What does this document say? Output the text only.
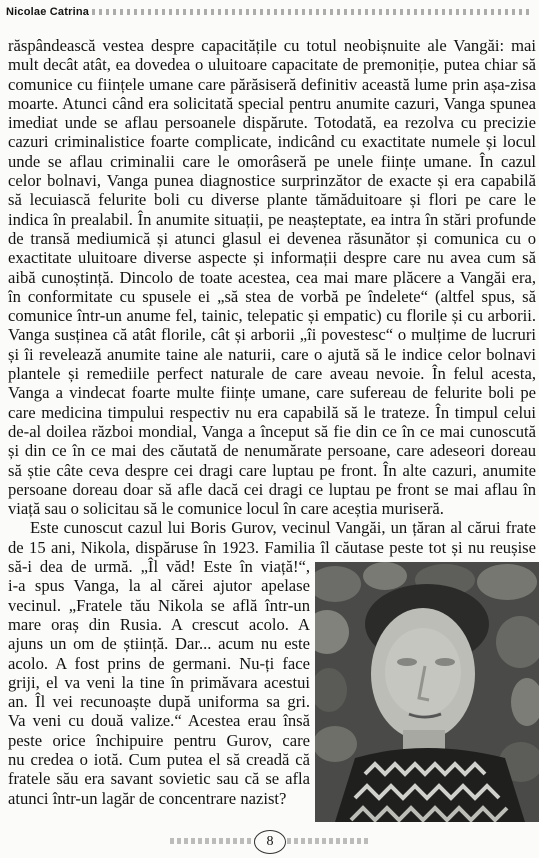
Nicolae Catrina
răspândească vestea despre capacitățile cu totul neobișnuite ale Vangăi: mai
mult decât atât, ea dovedea o uluitoare capacitate de premoniție, putea chiar să
comunice cu ființele umane care părăsiseră definitiv această lume prin așa-zisa
moarte. Atunci când era solicitată special pentru anumite cazuri, Vanga spunea
imediat unde se aflau persoanele dispărute. Totodată, ea rezolva cu precizie
cazuri criminalistice foarte complicate, indicând cu exactitate numele și locul
unde se aflau criminalii care le omorâseră pe unele ființe umane. În cazul
celor bolnavi, Vanga punea diagnostice surprinzător de exacte și era capabilă
să lecuiască felurite boli cu diverse plante tămăduitoare și flori pe care le
indica în prealabil. În anumite situații, pe neașteptate, ea intra în stări profunde
de transă mediumică și atunci glasul ei devenea răsunător și comunica cu o
exactitate uluitoare diverse aspecte și informații despre care nu avea cum să
aibă cunoștință. Dincolo de toate acestea, cea mai mare plăcere a Vangăi era,
în conformitate cu spusele ei „să stea de vorbă pe îndelete“ (altfel spus, să
comunice într-un anume fel, tainic, telepatic și empatic) cu florile și cu arborii.
Vanga susținea că atât florile, cât și arborii „îi povestesc“ o mulțime de lucruri
și îi revelează anumite taine ale naturii, care o ajută să le indice celor bolnavi
plantele și remediile perfect naturale de care aveau nevoie. În felul acesta,
Vanga a vindecat foarte multe ființe umane, care sufereau de felurite boli pe
care medicina timpului respectiv nu era capabilă să le trateze. În timpul celui
de-al doilea război mondial, Vanga a început să fie din ce în ce mai cunoscută
și din ce în ce mai des căutată de nenumărate persoane, care adeseori doreau
să știe câte ceva despre cei dragi care luptau pe front. În alte cazuri, anumite
persoane doreau doar să afle dacă cei dragi ce luptau pe front se mai aflau în
viață sau o solicitau să le comunice locul în care aceștia muriseră.
Este cunoscut cazul lui Boris Gurov, vecinul Vangăi, un țăran al cărui frate
de 15 ani, Nikola, dispăruse în 1923. Familia îl căutase peste tot și nu reușise
să-i dea de urmă. „Îl văd! Este în viață!“,
i-a spus Vanga, la al cărei ajutor apelase
vecinul. „Fratele tău Nikola se află într-un
mare oraș din Rusia. A crescut acolo. A
ajuns un om de știință. Dar... acum nu este
acolo. A fost prins de germani. Nu-ți face
griji, el va veni la tine în primăvara acestui
an. Îl vei recunoaște după uniforma sa gri.
Va veni cu două valize.“ Acestea erau însă
peste orice închipuire pentru Gurov, care
nu credea o iotă. Cum putea el să creadă că
fratele său era savant sovietic sau că se afla
atunci într-un lagăr de concentrare nazist?
8
